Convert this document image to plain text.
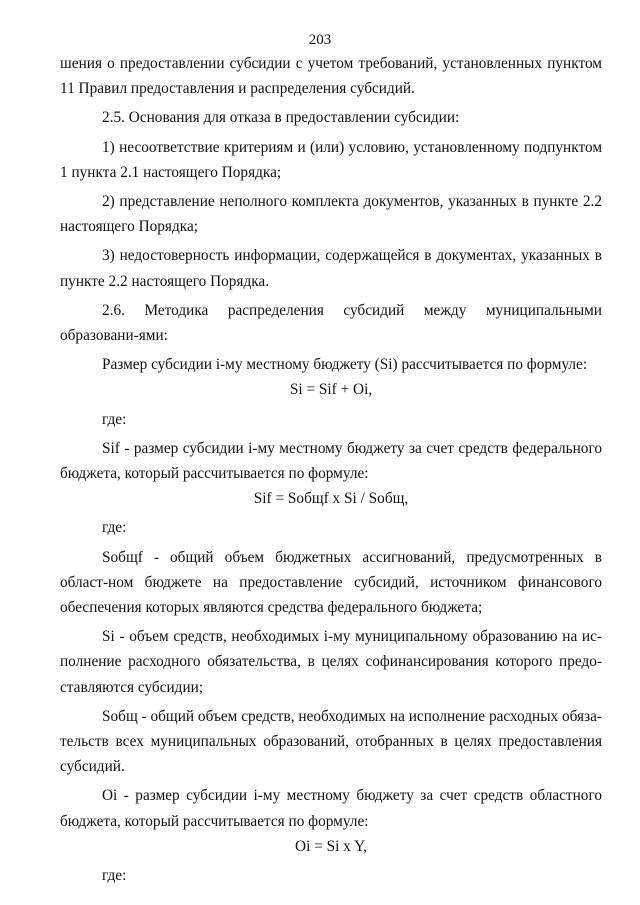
203

шения о предоставлении субсидии с учетом требований, установленных пунктом 11 Правил предоставления и распределения субсидий.

2.5. Основания для отказа в предоставлении субсидии:

1) несоответствие критериям и (или) условию, установленному подпунктом 1 пункта 2.1 настоящего Порядка;

2) представление неполного комплекта документов, указанных в пункте 2.2 настоящего Порядка;

3) недостоверность информации, содержащейся в документах, указанных в пункте 2.2 настоящего Порядка.

2.6. Методика распределения субсидий между муниципальными образовани-ями:

Размер субсидии i-му местному бюджету (Si) рассчитывается по формуле:

Si = Sif + Oi,

где:

Sif - размер субсидии i-му местному бюджету за счет средств федерального бюджета, который рассчитывается по формуле:

Sif = Sобщf x Si / Sобщ,

где:

Sобщf - общий объем бюджетных ассигнований, предусмотренных в област-ном бюджете на предоставление субсидий, источником финансового обеспечения которых являются средства федерального бюджета;

Si - объем средств, необходимых i-му муниципальному образованию на ис-полнение расходного обязательства, в целях софинансирования которого предо-ставляются субсидии;

Sобщ - общий объем средств, необходимых на исполнение расходных обяза-тельств всех муниципальных образований, отобранных в целях предоставления субсидий.

Oi - размер субсидии i-му местному бюджету за счет средств областного бюджета, который рассчитывается по формуле:

Oi = Si x Y,

где:
